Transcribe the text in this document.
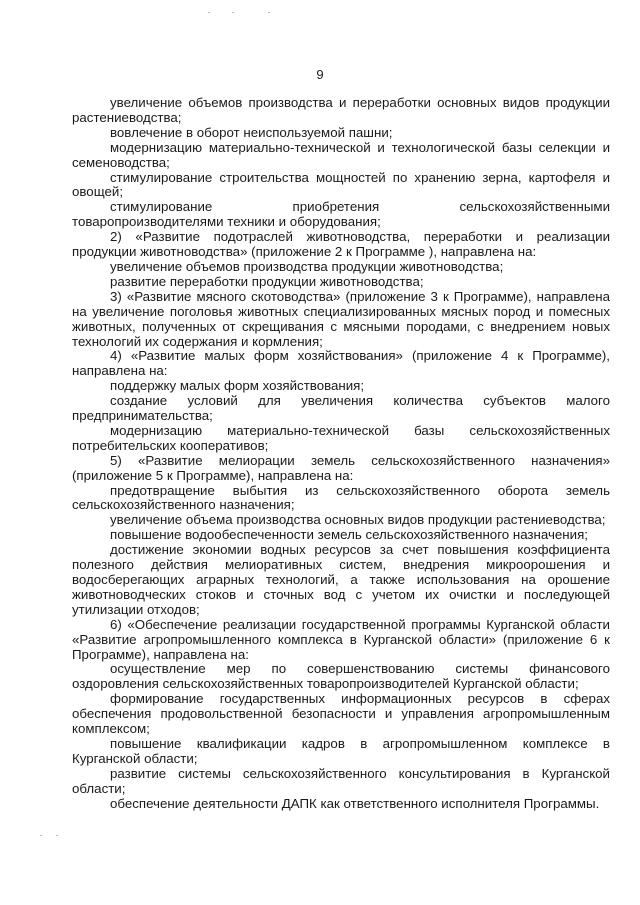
9

увеличение объемов производства и переработки основных видов продукции растениеводства;

вовлечение в оборот неиспользуемой пашни;

модернизацию материально-технической и технологической базы селекции и семеноводства;

стимулирование строительства мощностей по хранению зерна, картофеля и овощей;

стимулирование приобретения сельскохозяйственными товаропроизводителями техники и оборудования;

2) «Развитие подотраслей животноводства, переработки и реализации продукции животноводства» (приложение 2 к Программе ), направлена на:

увеличение объемов производства продукции животноводства;

развитие переработки продукции животноводства;

3) «Развитие мясного скотоводства» (приложение 3 к Программе), направлена на увеличение поголовья животных специализированных мясных пород и помесных животных, полученных от скрещивания с мясными породами, с внедрением новых технологий их содержания и кормления;

4) «Развитие малых форм хозяйствования» (приложение 4 к Программе), направлена на:

поддержку малых форм хозяйствования;

создание условий для увеличения количества субъектов малого предпринимательства;

модернизацию материально-технической базы сельскохозяйственных потребительских кооперативов;

5) «Развитие мелиорации земель сельскохозяйственного назначения» (приложение 5 к Программе), направлена на:

предотвращение выбытия из сельскохозяйственного оборота земель сельскохозяйственного назначения;

увеличение объема производства основных видов продукции растениеводства;

повышение водообеспеченности земель сельскохозяйственного назначения;

достижение экономии водных ресурсов за счет повышения коэффициента полезного действия мелиоративных систем, внедрения микроорошения и водосберегающих аграрных технологий, а также использования на орошение животноводческих стоков и сточных вод с учетом их очистки и последующей утилизации отходов;

6) «Обеспечение реализации государственной программы Курганской области «Развитие агропромышленного комплекса в Курганской области» (приложение 6 к Программе), направлена на:

осуществление мер по совершенствованию системы финансового оздоровления сельскохозяйственных товаропроизводителей Курганской области;

формирование государственных информационных ресурсов в сферах обеспечения продовольственной безопасности и управления агропромышленным комплексом;

повышение квалификации кадров в агропромышленном комплексе в Курганской области;

развитие системы сельскохозяйственного консультирования в Курганской области;

обеспечение деятельности ДАПК как ответственного исполнителя Программы.
